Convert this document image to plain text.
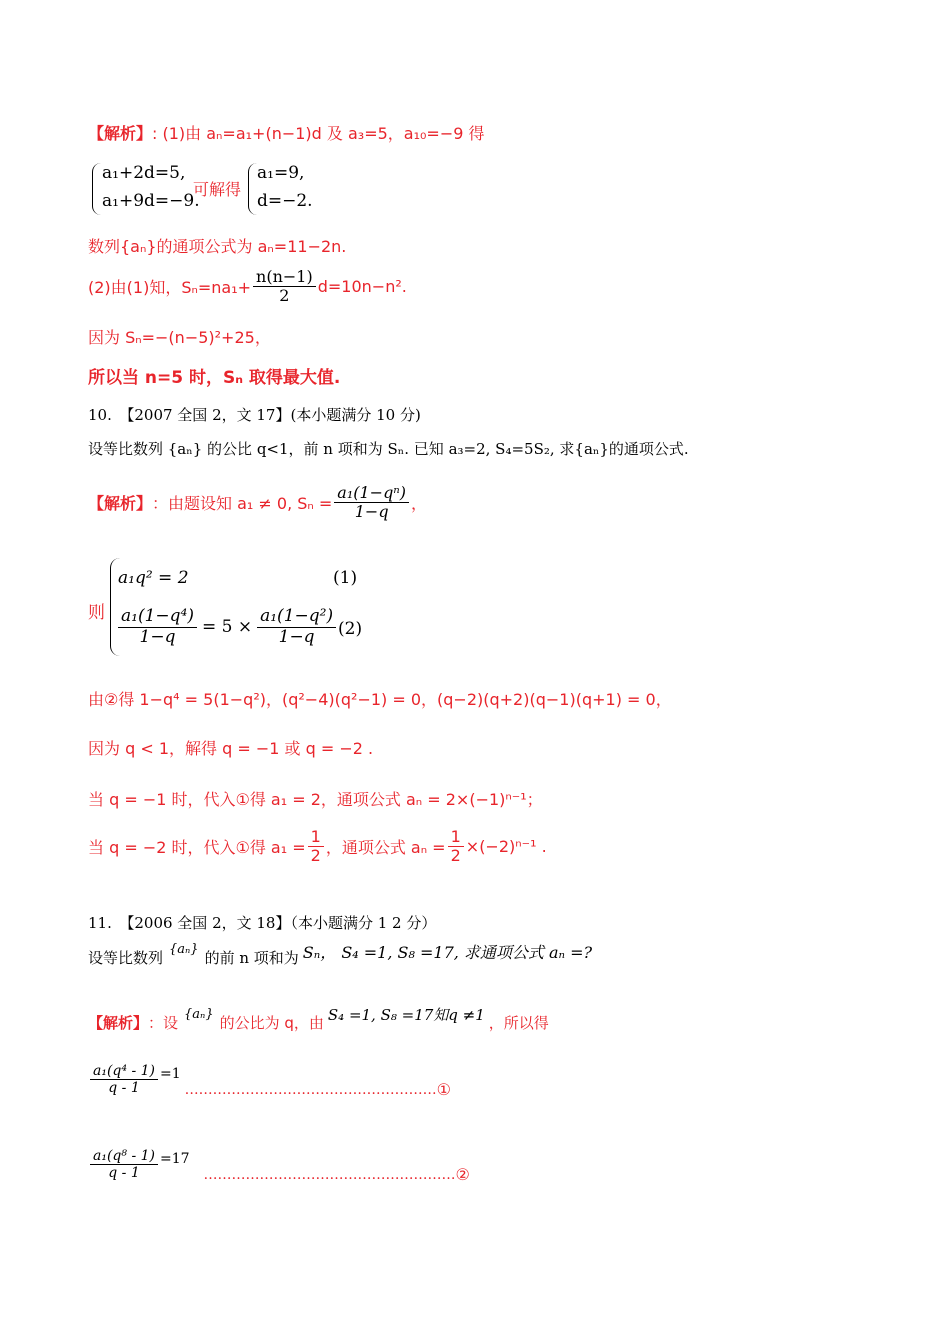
【解析】: (1)由 aₙ=a₁+(n−1)d 及 a₃=5，a₁₀=−9 得
a₁+2d=5,
a₁+9d=−9.
可解得
a₁=9,
d=−2.
数列{aₙ}的通项公式为 aₙ=11−2n.
(2)由(1)知，$S_n=na_1+ \frac{n(n-1)}{2} d=10n-n^2$.
因为 Sₙ=−(n−5)²+25，
所以当 n=5 时，Sₙ 取得最大值.
10.　【2007 全国 2，文 17】(本小题满分 10 分)
设等比数列 {aₙ} 的公比 q<1，前 n 项和为 Sₙ. 已知 a₃=2, S₄=5S₂, 求{aₙ}的通项公式.
【解析】 ：由题设知 a₁ ≠ 0, $S_n = \frac{\text{a₁(1−qⁿ)}}{1-q}$ ，
则
a₁q² = 2	(1)
$\frac{\text{a₁(1−q⁴)}}{1-q} = 5 \times \frac{\text{a₁(1−q²)}}{1-q} (2)$
由②得 1−q⁴ = 5(1−q²)，(q²−4)(q²−1) = 0，(q−2)(q+2)(q−1)(q+1) = 0，
因为 q < 1，解得 q = −1 或 q = −2 .
当 q = −1 时，代入①得 a₁ = 2，通项公式 aₙ = 2×(−1)ⁿ⁻¹；
当 q = −2 时，代入①得 $a_1 = \frac{1}{2}$ ，通项公式 $a_n = \frac{1}{2} \times(-2)^{n-1}$ .
11.　【2006 全国 2，文 18】（本小题满分 1 2 分）
设等比数列 {aₙ} 的前 n 项和为 Sₙ， S₄ =1, S₈ =17, 求通项公式 aₙ =?
【解析】 ：设 {aₙ} 的公比为 q，由 S₄ =1, S₈ =17知q ≠1 ，所以得
$\frac{\text{a₁(q⁴ - 1)}}{q - 1} =1$
……………………………………………… ①
$\frac{\text{a₁(q⁸ - 1)}}{q - 1} =17$
……………………………………………… ②
